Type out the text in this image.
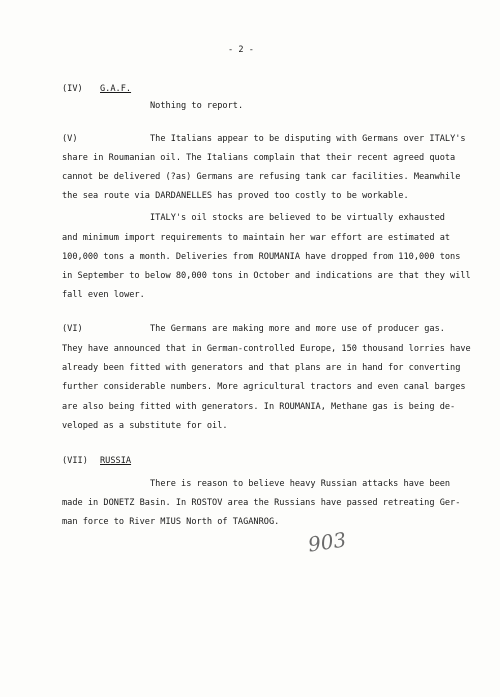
- 2 -

(IV) G.A.F.

Nothing to report.

(V)	The Italians appear to be disputing with Germans over ITALY's

share in Roumanian oil. The Italians complain that their recent agreed quota

cannot be delivered (?as) Germans are refusing tank car facilities. Meanwhile

the sea route via DARDANELLES has proved too costly to be workable.

ITALY's oil stocks are believed to be virtually exhausted

and minimum import requirements to maintain her war effort are estimated at

100,000 tons a month. Deliveries from ROUMANIA have dropped from 110,000 tons

in September to below 80,000 tons in October and indications are that they will

fall even lower.

(VI)	The Germans are making more and more use of producer gas.

They have announced that in German-controlled Europe, 150 thousand lorries have

already been fitted with generators and that plans are in hand for converting

further considerable numbers. More agricultural tractors and even canal barges

are also being fitted with generators. In ROUMANIA, Methane gas is being de-

veloped as a substitute for oil.

(VII) RUSSIA

There is reason to believe heavy Russian attacks have been

made in DONETZ Basin. In ROSTOV area the Russians have passed retreating Ger-

man force to River MIUS North of TAGANROG.

903
